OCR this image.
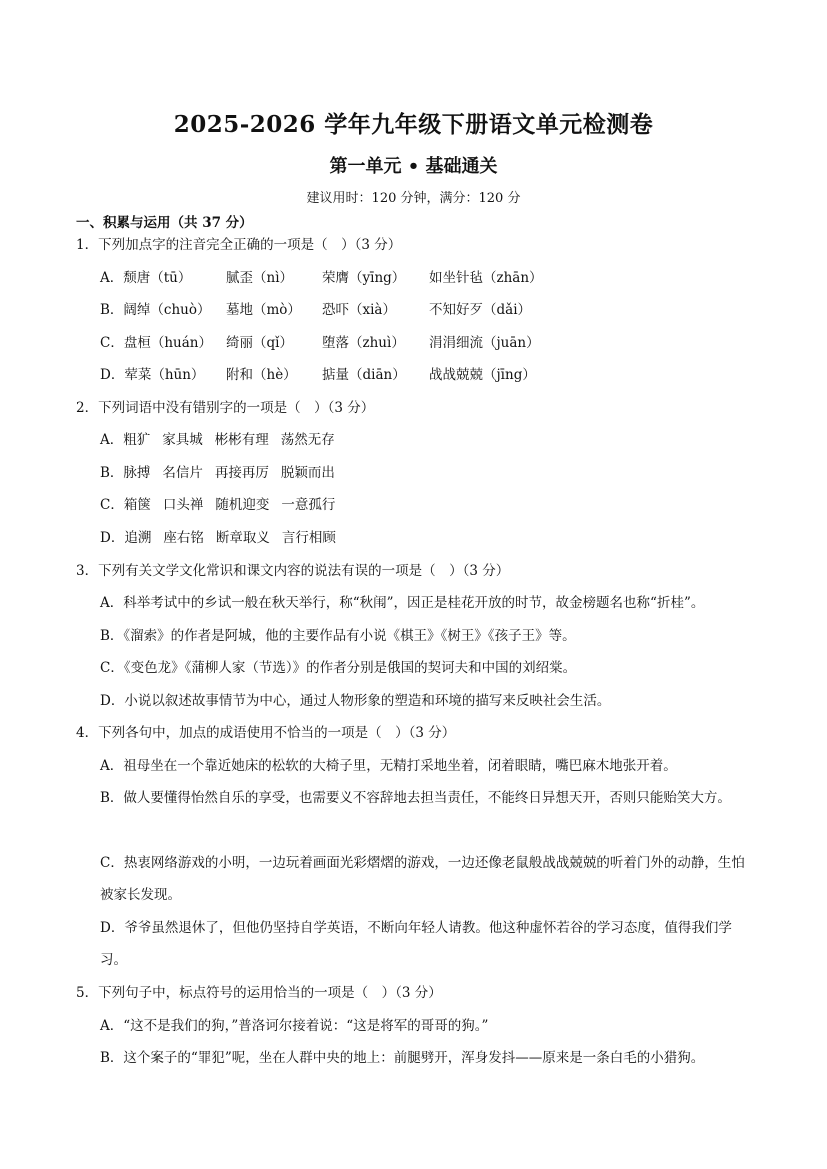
2025-2026 学年九年级下册语文单元检测卷
第一单元 • 基础通关
建议用时：120 分钟，满分：120 分
一、积累与运用（共 37 分）
1．下列加点字的注音完全正确的一项是（　）（3 分）
A．颓唐（tū）	腻歪（nì） 荣膺（yīng） 如坐针毡（zhān）
B．阔绰（chuò） 墓地（mò） 恐吓（xià） 不知好歹（dǎi）
C．盘桓（huán） 绮丽（qǐ） 堕落（zhuì） 涓涓细流（juān）
D．荤菜（hūn） 附和（hè） 掂量（diān） 战战兢兢（jīng）
2．下列词语中没有错别字的一项是（　）（3 分）
A．粗犷 家具城 彬彬有理 荡然无存
B．脉搏 名信片 再接再厉 脱颖而出
C．箱箧 口头禅 随机迎变 一意孤行
D．追溯 座右铭 断章取义 言行相顾
3．下列有关文学文化常识和课文内容的说法有误的一项是（　）（3 分）
A．科举考试中的乡试一般在秋天举行，称“秋闱”，因正是桂花开放的时节，故金榜题名也称“折桂”。
B．《溜索》的作者是阿城，他的主要作品有小说《棋王》《树王》《孩子王》等。
C．《变色龙》《蒲柳人家（节选）》的作者分别是俄国的契诃夫和中国的刘绍棠。
D．小说以叙述故事情节为中心，通过人物形象的塑造和环境的描写来反映社会生活。
4．下列各句中，加点的成语使用不恰当的一项是（　）（3 分）
A．祖母坐在一个靠近她床的松软的大椅子里，无精打采地坐着，闭着眼睛，嘴巴麻木地张开着。
B．做人要懂得怡然自乐的享受，也需要义不容辞地去担当责任，不能终日异想天开，否则只能贻笑大方。
C．热衷网络游戏的小明，一边玩着画面光彩熠熠的游戏，一边还像老鼠般战战兢兢的听着门外的动静，生怕被家长发现。
D．爷爷虽然退休了，但他仍坚持自学英语，不断向年轻人请教。他这种虚怀若谷的学习态度，值得我们学习。
5．下列句子中，标点符号的运用恰当的一项是（　）（3 分）
A．“这不是我们的狗，”普洛诃尔接着说：“这是将军的哥哥的狗。”
B．这个案子的“罪犯”呢，坐在人群中央的地上：前腿劈开，浑身发抖——原来是一条白毛的小猎狗。
